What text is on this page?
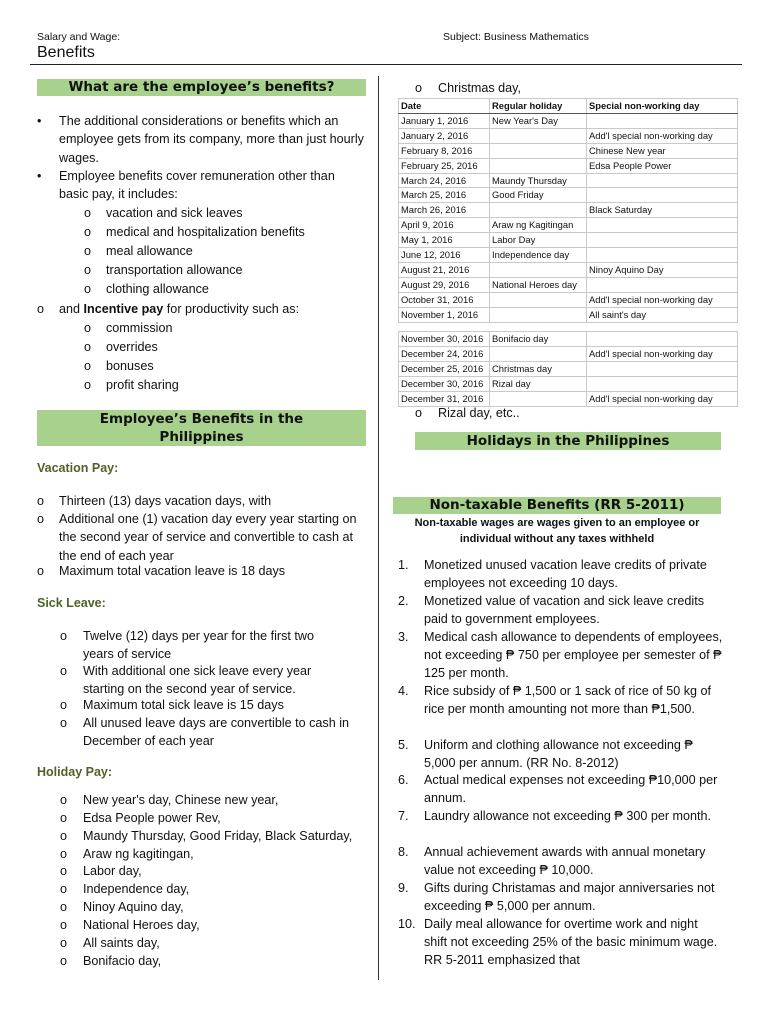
Salary and Wage:
Benefits
Subject: Business Mathematics
What are the employee’s benefits?
• The additional considerations or benefits which an employee gets from its company, more than just hourly wages.
• Employee benefits cover remuneration other than basic pay, it includes:
o vacation and sick leaves
o medical and hospitalization benefits
o meal allowance
o transportation allowance
o clothing allowance
o and Incentive pay for productivity such as:
o commission
o overrides
o bonuses
o profit sharing
Employee’s Benefits in the Philippines
Vacation Pay:
o Thirteen (13) days vacation days, with
o Additional one (1) vacation day every year starting on the second year of service and convertible to cash at the end of each year
o Maximum total vacation leave is 18 days
Sick Leave:
o Twelve (12) days per year for the first two years of service
o With additional one sick leave every year starting on the second year of service.
o Maximum total sick leave is 15 days
o All unused leave days are convertible to cash in December of each year
Holiday Pay:
o New year's day, Chinese new year,
o Edsa People power Rev,
o Maundy Thursday, Good Friday, Black Saturday,
o Araw ng kagitingan,
o Labor day,
o Independence day,
o Ninoy Aquino day,
o National Heroes day,
o All saints day,
o Bonifacio day,
o Christmas day,
Date	Regular holiday	Special non-working day
January 1, 2016	New Year's Day	
January 2, 2016		Add'l special non-working day
February 8, 2016		Chinese New year
February 25, 2016		Edsa People Power
March 24, 2016	Maundy Thursday	
March 25, 2016	Good Friday	
March 26, 2016		Black Saturday
April 9, 2016	Araw ng Kagitingan	
May 1, 2016	Labor Day	
June 12, 2016	Independence day	
August 21, 2016		Ninoy Aquino Day
August 29, 2016	National Heroes day	
October 31, 2016		Add'l special non-working day
November 1, 2016		All saint's day
November 30, 2016	Bonifacio day	
December 24, 2016		Add'l special non-working day
December 25, 2016	Christmas day	
December 30, 2016	Rizal day	
December 31, 2016		Add'l special non-working day
o Rizal day, etc..
Holidays in the Philippines
Non-taxable Benefits (RR 5-2011)
Non-taxable wages are wages given to an employee or individual without any taxes withheld
1.	Monetized unused vacation leave credits of private employees not exceeding 10 days.
2.	Monetized value of vacation and sick leave credits paid to government employees.
3.	Medical cash allowance to dependents of employees, not exceeding ₱ 750 per employee per semester of ₱ 125 per month.
4.	Rice subsidy of ₱ 1,500 or 1 sack of rice of 50 kg of rice per month amounting not more than ₱1,500.
5.	Uniform and clothing allowance not exceeding ₱ 5,000 per annum. (RR No. 8-2012)
6.	Actual medical expenses not exceeding ₱10,000 per annum.
7.	Laundry allowance not exceeding ₱ 300 per month.
8.	Annual achievement awards with annual monetary value not exceeding ₱ 10,000.
9.	Gifts during Christamas and major anniversaries not exceeding ₱ 5,000 per annum.
10. Daily meal allowance for overtime work and night shift not exceeding 25% of the basic minimum wage. RR 5-2011 emphasized that
